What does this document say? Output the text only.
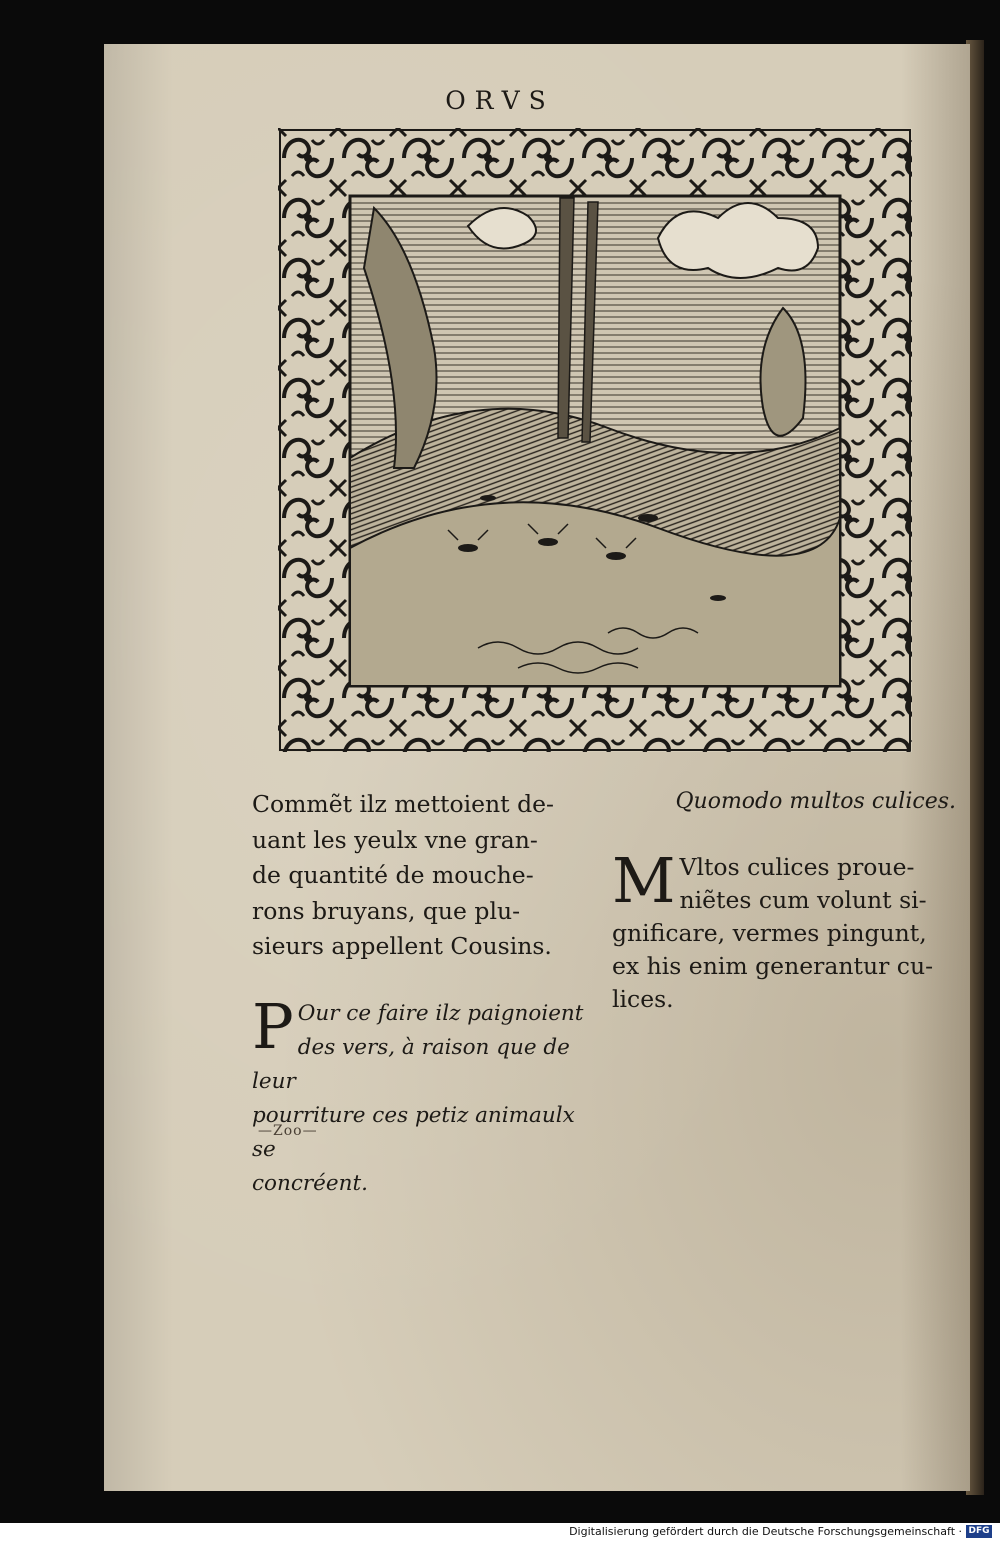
ORVS
Commẽt ilz mettoient de-
uant les yeulx vne gran-
de quantité de mouche-
rons bruyans, que plu-
sieurs appellent Cousins.
P Our ce faire ilz paignoient
des vers, à raison que de leur
pourriture ces petiz animaulx se
concréent.
Quomodo multos culices.
M Vltos culices proue-
niẽtes cum volunt si-
gnificare, vermes pingunt,
ex his enim generantur cu-
lices.
—Zoo—
Digitalisierung gefördert durch die Deutsche Forschungsgemeinschaft · DFG
